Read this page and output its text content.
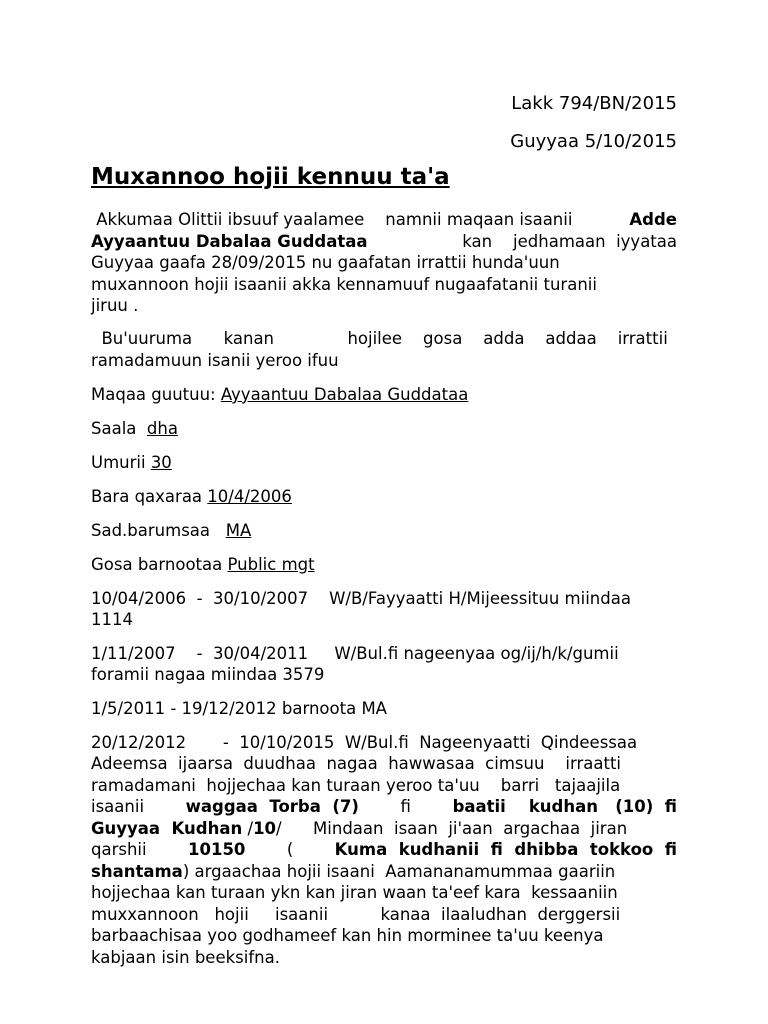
Lakk 794/BN/2015
Guyyaa 5/10/2015
Muxannoo hojii kennuu ta'a
Akkumaa Olittii ibsuuf yaalamee    namnii maqaan isaanii	Adde
Ayyaantuu Dabalaa Guddataa	kan    jedhamaan  iyyataa
Guyyaa gaafa 28/09/2015 nu gaafatan irrattii hunda'uun
muxannoon hojii isaanii akka kennamuuf nugaafatanii turanii
jiruu .
Bu'uuruma      kanan              hojilee    gosa    adda    addaa    irrattii
ramadamuun isanii yeroo ifuu
Maqaa guutuu: Ayyaantuu Dabalaa Guddataa
Saala  dha
Umurii 30
Bara qaxaraa 10/4/2006
Sad.barumsaa   MA
Gosa barnootaa Public mgt
10/04/2006  -  30/10/2007    W/B/Fayyaatti H/Mijeessituu miindaa
1114
1/11/2007    -  30/04/2011     W/Bul.fi nageenyaa og/ij/h/k/gumii
foramii nagaa miindaa 3579
1/5/2011 - 19/12/2012 barnoota MA
20/12/2012       -  10/10/2015  W/Bul.fi  Nageenyaatti  Qindeessaa
Adeemsa  ijaarsa  duudhaa  nagaa  hawwasaa  cimsuu    irraatti
ramadamani  hojjechaa kan turaan yeroo ta'uu    barri   tajaajila
isaanii	waggaa  Torba  (7)	fi	baatii    kudhan   (10)  fi
Guyyaa  Kudhan /10/      Mindaan  isaan  ji'aan  argachaa  jiran
qarshii	10150	(	Kuma  kudhanii  fi  dhibba  tokkoo  fi
shantama) argaachaa hojii isaani  Aamananamummaa gaariin
hojjechaa kan turaan ykn kan jiran waan ta'eef kara  kessaaniin
muxxannoon   hojii     isaanii          kanaa  ilaaludhan  derggersii
barbaachisaa yoo godhameef kan hin morminee ta'uu keenya
kabjaan isin beeksifna.
